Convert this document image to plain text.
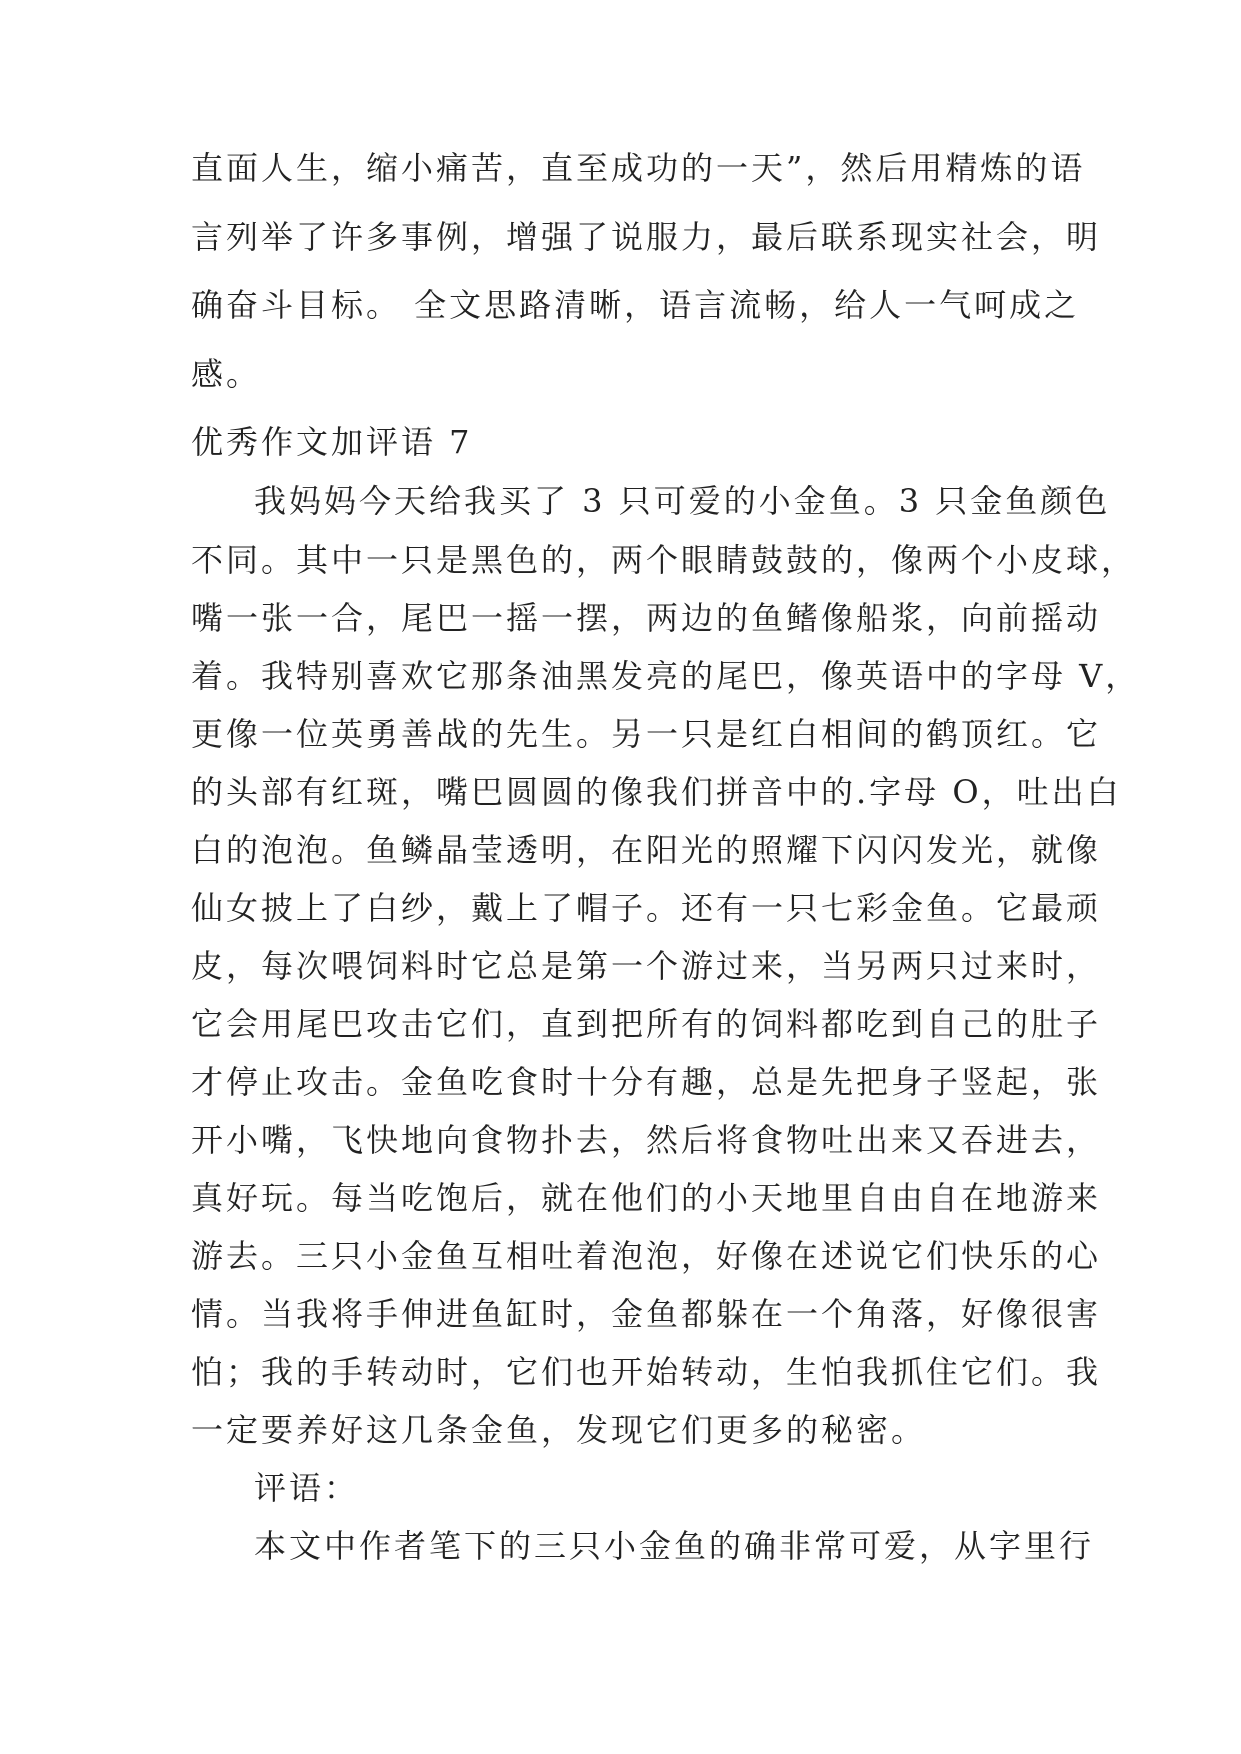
直面人生，缩小痛苦，直至成功的一天”，然后用精炼的语
言列举了许多事例，增强了说服力，最后联系现实社会，明
确奋斗目标。 全文思路清晰，语言流畅，给人一气呵成之
感。
优秀作文加评语 7
我妈妈今天给我买了 3 只可爱的小金鱼。3 只金鱼颜色
不同。其中一只是黑色的，两个眼睛鼓鼓的，像两个小皮球，
嘴一张一合，尾巴一摇一摆，两边的鱼鳍像船浆，向前摇动
着。我特别喜欢它那条油黑发亮的尾巴，像英语中的字母 V，
更像一位英勇善战的先生。另一只是红白相间的鹤顶红。它
的头部有红斑，嘴巴圆圆的像我们拼音中的.字母 O，吐出白
白的泡泡。鱼鳞晶莹透明，在阳光的照耀下闪闪发光，就像
仙女披上了白纱，戴上了帽子。还有一只七彩金鱼。它最顽
皮，每次喂饲料时它总是第一个游过来，当另两只过来时，
它会用尾巴攻击它们，直到把所有的饲料都吃到自己的肚子
才停止攻击。金鱼吃食时十分有趣，总是先把身子竖起，张
开小嘴，飞快地向食物扑去，然后将食物吐出来又吞进去，
真好玩。每当吃饱后，就在他们的小天地里自由自在地游来
游去。三只小金鱼互相吐着泡泡，好像在述说它们快乐的心
情。当我将手伸进鱼缸时，金鱼都躲在一个角落，好像很害
怕；我的手转动时，它们也开始转动，生怕我抓住它们。我
一定要养好这几条金鱼，发现它们更多的秘密。
评语：
本文中作者笔下的三只小金鱼的确非常可爱，从字里行
